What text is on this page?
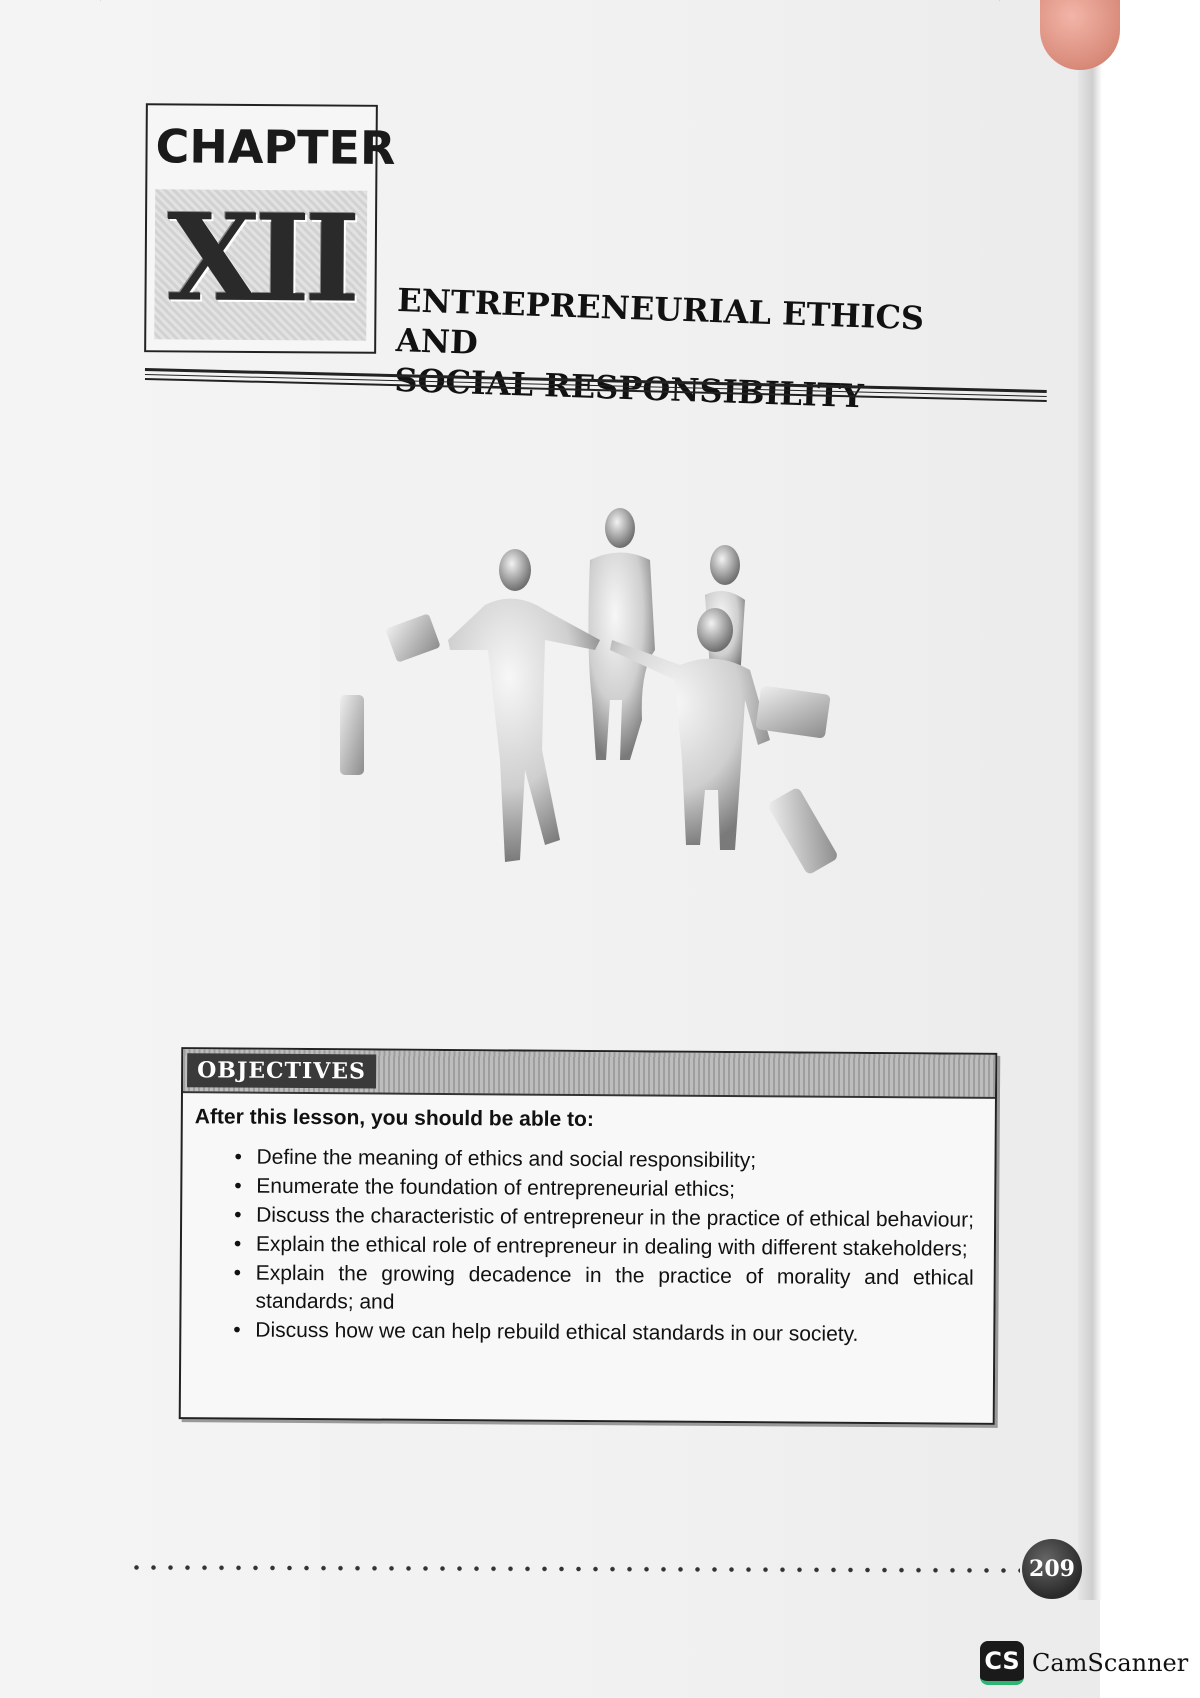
CHAPTER
XII	ENTREPRENEURIAL ETHICS AND
SOCIAL RESPONSIBILITY
OBJECTIVES
After this lesson, you should be able to:
• Define the meaning of ethics and social responsibility;
• Enumerate the foundation of entrepreneurial ethics;
• Discuss the characteristic of entrepreneur in the practice of ethical behaviour;
• Explain the ethical role of entrepreneur in dealing with different stakeholders;
• Explain the growing decadence in the practice of morality and ethical standards; and
• Discuss how we can help rebuild ethical standards in our society.
209
CS CamScanner
